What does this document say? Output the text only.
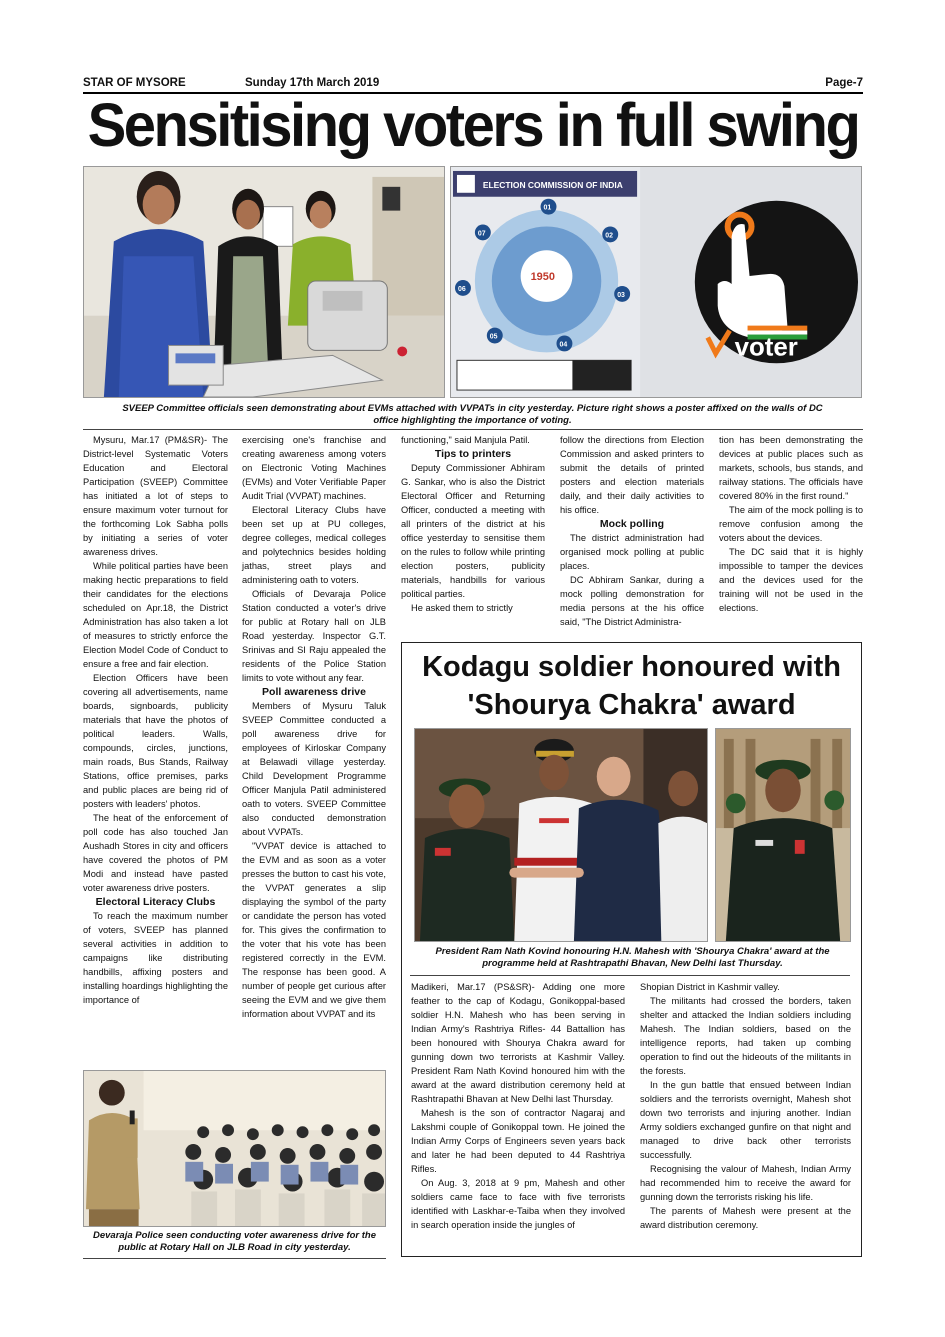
STAR OF MYSORE	Sunday 17th March 2019	Page-7
Sensitising voters in full swing
ELECTION COMMISSION OF INDIA
1950
01
02
03
04
05
06
07
voter
SVEEP Committee officials seen demonstrating about EVMs attached with VVPATs in city yesterday. Picture right shows a poster affixed on the walls of DC office highlighting the importance of voting.

Mysuru, Mar.17 (PM&SR)- The District-level Systematic Voters Education and Electoral Participation (SVEEP) Committee has initiated a lot of steps to ensure maximum voter turnout for the forthcoming Lok Sabha polls by initiating a series of voter awareness drives.

While political parties have been making hectic preparations to field their candidates for the elections scheduled on Apr.18, the District Administration has also taken a lot of measures to strictly enforce the Election Model Code of Conduct to ensure a free and fair election.

Election Officers have been covering all advertisements, name boards, signboards, publicity materials that have the photos of political leaders. Walls, compounds, circles, junctions, main roads, Bus Stands, Railway Stations, office premises, parks and public places are being rid of posters with leaders' photos.

The heat of the enforcement of poll code has also touched Jan Aushadh Stores in city and officers have covered the photos of PM Modi and instead have pasted voter awareness drive posters.

Electoral Literacy Clubs

To reach the maximum number of voters, SVEEP has planned several activities in addition to campaigns like distributing handbills, affixing posters and installing hoardings highlighting the importance of

exercising one's franchise and creating awareness among voters on Electronic Voting Machines (EVMs) and Voter Verifiable Paper Audit Trial (VVPAT) machines.

Electoral Literacy Clubs have been set up at PU colleges, degree colleges, medical colleges and polytechnics besides holding jathas, street plays and administering oath to voters.

Officials of Devaraja Police Station conducted a voter's drive for public at Rotary hall on JLB Road yesterday. Inspector G.T. Srinivas and SI Raju appealed the residents of the Police Station limits to vote without any fear.

Poll awareness drive

Members of Mysuru Taluk SVEEP Committee conducted a poll awareness drive for employees of Kirloskar Company at Belawadi village yesterday. Child Development Programme Officer Manjula Patil administered oath to voters. SVEEP Committee also conducted demonstration about VVPATs.

"VVPAT device is attached to the EVM and as soon as a voter presses the button to cast his vote, the VVPAT generates a slip displaying the symbol of the party or candidate the person has voted for. This gives the confirmation to the voter that his vote has been registered correctly in the EVM. The response has been good. A number of people get curious after seeing the EVM and we give them information about VVPAT and its

functioning," said Manjula Patil.

Tips to printers

Deputy Commissioner Abhiram G. Sankar, who is also the District Electoral Officer and Returning Officer, conducted a meeting with all printers of the district at his office yesterday to sensitise them on the rules to follow while printing election posters, publicity materials, handbills for various political parties.

He asked them to strictly

follow the directions from Election Commission and asked printers to submit the details of printed posters and election materials daily, and their daily activities to his office.

Mock polling

The district administration had organised mock polling at public places.

DC Abhiram Sankar, during a mock polling demonstration for media persons at the his office said, "The District Administra-

tion has been demonstrating the devices at public places such as markets, schools, bus stands, and railway stations. The officials have covered 80% in the first round."

The aim of the mock polling is to remove confusion among the voters about the devices.

The DC said that it is highly impossible to tamper the devices and the devices used for the training will not be used in the elections.

Devaraja Police seen conducting voter awareness drive for the public at Rotary Hall on JLB Road in city yesterday.
Kodagu soldier honoured with
'Shourya Chakra' award
President Ram Nath Kovind honouring H.N. Mahesh with 'Shourya Chakra' award at the programme held at Rashtrapathi Bhavan, New Delhi last Thursday.

Madikeri, Mar.17 (PS&SR)- Adding one more feather to the cap of Kodagu, Gonikoppal-based soldier H.N. Mahesh who has been serving in Indian Army's Rashtriya Rifles- 44 Battallion has been honoured with Shourya Chakra award for gunning down two terrorists at Kashmir Valley. President Ram Nath Kovind honoured him with the award at the award distribution ceremony held at Rashtrapathi Bhavan at New Delhi last Thursday.

Mahesh is the son of contractor Nagaraj and Lakshmi couple of Gonikoppal town. He joined the Indian Army Corps of Engineers seven years back and later he had been deputed to 44 Rashtriya Rifles.

On Aug. 3, 2018 at 9 pm, Mahesh and other soldiers came face to face with five terrorists identified with Laskhar-e-Taiba when they involved in search operation inside the jungles of

Shopian District in Kashmir valley.

The militants had crossed the borders, taken shelter and attacked the Indian soldiers including Mahesh. The Indian soldiers, based on the intelligence reports, had taken up combing operation to find out the hideouts of the militants in the forests.

In the gun battle that ensued between Indian soldiers and the terrorists overnight, Mahesh shot down two terrorists and injuring another. Indian Army soldiers exchanged gunfire on that night and managed to drive back other terrorists successfully.

Recognising the valour of Mahesh, Indian Army had recommended him to receive the award for gunning down the terrorists risking his life.

The parents of Mahesh were present at the award distribution ceremony.
